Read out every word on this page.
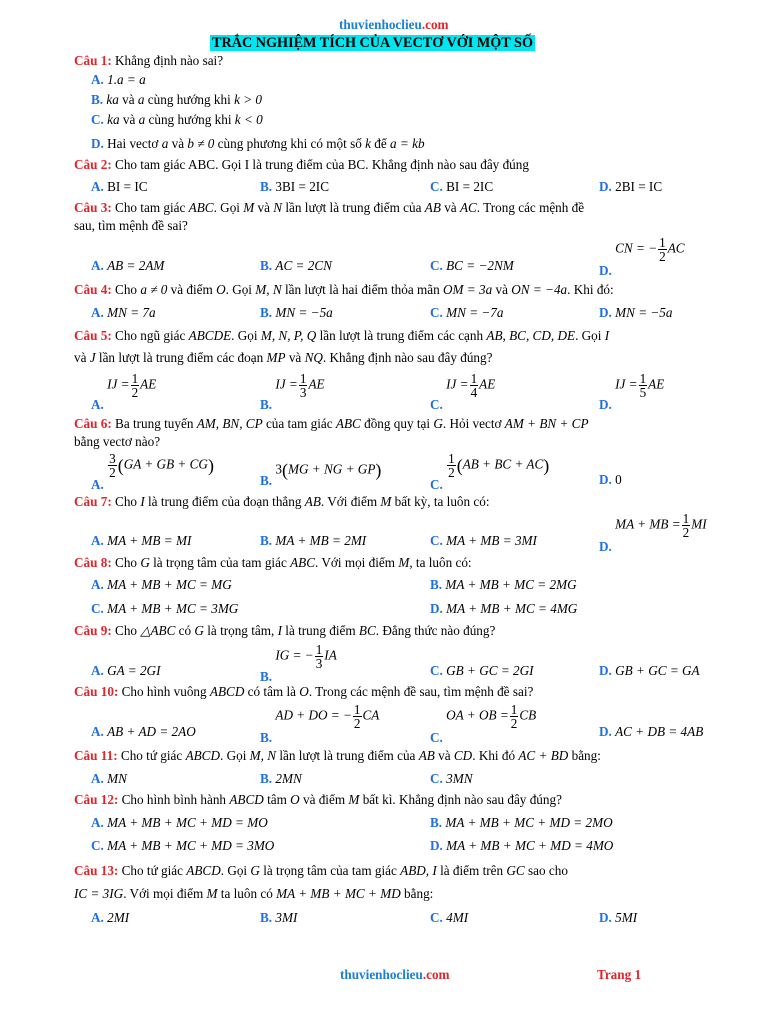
thuvienhoclieu.com
TRẮC NGHIỆM TÍCH CỦA VECTƠ VỚI MỘT SỐ
Câu 1: Khẳng định nào sai?
A. 1.a = a
B. ka và a cùng hướng khi k > 0
C. ka và a cùng hướng khi k < 0
D. Hai vectơ a và b ≠ 0 cùng phương khi có một số k để a = kb
Câu 2: Cho tam giác ABC. Gọi I là trung điểm của BC. Khẳng định nào sau đây đúng
A. BI = IC	B. 3BI = 2IC	C. BI = 2IC	D. 2BI = IC
Câu 3: Cho tam giác ABC. Gọi M và N lần lượt là trung điểm của AB và AC. Trong các mệnh đề
sau, tìm mệnh đề sai?
A. AB = 2AM	B. AC = 2CN	C. BC = −2NM	D. CN = − $\frac{1}{2}$ AC
Câu 4: Cho a ≠ 0 và điểm O. Gọi M, N lần lượt là hai điểm thỏa mãn OM = 3a và ON = −4a. Khi đó:
A. MN = 7a	B. MN = −5a	C. MN = −7a	D. MN = −5a
Câu 5: Cho ngũ giác ABCDE. Gọi M, N, P, Q lần lượt là trung điểm các cạnh AB, BC, CD, DE. Gọi I
và J lần lượt là trung điểm các đoạn MP và NQ. Khẳng định nào sau đây đúng?
A. IJ = $\frac{1}{2}$ AE
B. IJ = $\frac{1}{3}$ AE
C. IJ = $\frac{1}{4}$ AE
D. IJ = $\frac{1}{5}$ AE
Câu 6: Ba trung tuyến AM, BN, CP của tam giác ABC đồng quy tại G. Hỏi vectơ AM + BN + CP
bằng vectơ nào?
A.
$\frac{3}{2} (GA$ + GB + CG)
B. 3(MG + NG + GP)
C.
$\frac{1}{2} (AB$ + BC + AC)
D. 0
Câu 7: Cho I là trung điểm của đoạn thẳng AB. Với điểm M bất kỳ, ta luôn có:
A. MA + MB = MI	B. MA + MB = 2MI	C. MA + MB = 3MI	D. MA + MB = $\frac{1}{2}$ MI
Câu 8: Cho G là trọng tâm của tam giác ABC. Với mọi điểm M, ta luôn có:
A. MA + MB + MC = MG	B. MA + MB + MC = 2MG
C. MA + MB + MC = 3MG	D. MA + MB + MC = 4MG
Câu 9: Cho △ABC có G là trọng tâm, I là trung điểm BC. Đẳng thức nào đúng?
A. GA = 2GI	B. IG = − $\frac{1}{3}$ IA
C. GB + GC = 2GI	D. GB + GC = GA
Câu 10: Cho hình vuông ABCD có tâm là O. Trong các mệnh đề sau, tìm mệnh đề sai?
A. AB + AD = 2AO	B. AD + DO = − $\frac{1}{2}$ CA
C. OA + OB = $\frac{1}{2}$ CB
D. AC + DB = 4AB
Câu 11: Cho tứ giác ABCD. Gọi M, N lần lượt là trung điểm của AB và CD. Khi đó AC + BD bằng:
A. MN	B. 2MN	C. 3MN
Câu 12: Cho hình bình hành ABCD tâm O và điểm M bất kì. Khẳng định nào sau đây đúng?
A. MA + MB + MC + MD = MO	B. MA + MB + MC + MD = 2MO
C. MA + MB + MC + MD = 3MO	D. MA + MB + MC + MD = 4MO
Câu 13: Cho tứ giác ABCD. Gọi G là trọng tâm của tam giác ABD, I là điểm trên GC sao cho
IC = 3IG. Với mọi điểm M ta luôn có MA + MB + MC + MD bằng:
A. 2MI	B. 3MI	C. 4MI	D. 5MI
thuvienhoclieu.com	Trang 1
